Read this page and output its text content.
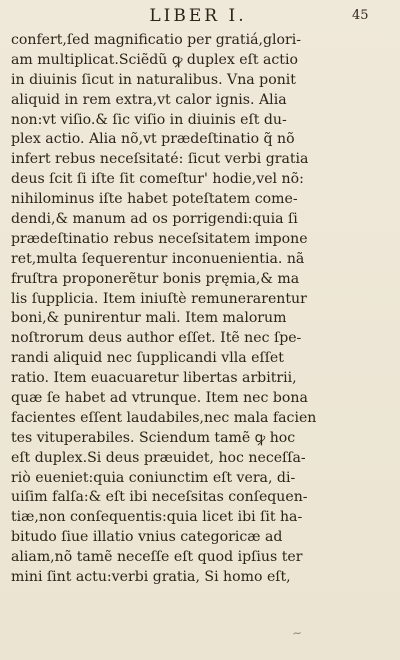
LIBER I.	45
confert,ſed magnificatio per gratiá,glori-
am multiplicat.Sciẽdũ ꝙ duplex eſt actio
in diuinis ſicut in naturalibus. Vna ponit
aliquid in rem extra,vt calor ignis. Alia
non:vt viſio.& ſic viſio in diuinis eſt du-
plex actio. Alia nõ,vt prædeſtinatio q̃ nõ
infert rebus neceſsitaté: ſicut verbi gratia
deus ſcit ſi iſte ſit comeſtur' hodie,vel nõ:
nihilominus iſte habet poteſtatem come-
dendi,& manum ad os porrigendi:quia ſi
prædeſtinatio rebus neceſsitatem impone
ret,multa ſequerentur inconuenientia. nã
fruſtra proponerẽtur bonis pręmia,& ma
lis ſupplicia. Item iniuſtè remunerarentur
boni,& punirentur mali. Item malorum
noſtrorum deus author eſſet. Itẽ nec ſpe-
randi aliquid nec ſupplicandi vlla eſſet
ratio. Item euacuaretur libertas arbitrii,
quæ ſe habet ad vtrunque. Item nec bona
facientes eſſent laudabiles,nec mala facien
tes vituperabiles. Sciendum tamẽ ꝙ hoc
eſt duplex.Si deus præuidet, hoc neceſſa-
riò eueniet:quia coniunctim eſt vera, di-
uiſim falſa:& eſt ibi neceſsitas conſequen-
tiæ,non conſequentis:quia licet ibi ſit ha-
bitudo ſiue illatio vnius categoricæ ad
aliam,nõ tamẽ neceſſe eſt quod ipſius ter
mini ſint actu:verbi gratia, Si homo eſt,
~
